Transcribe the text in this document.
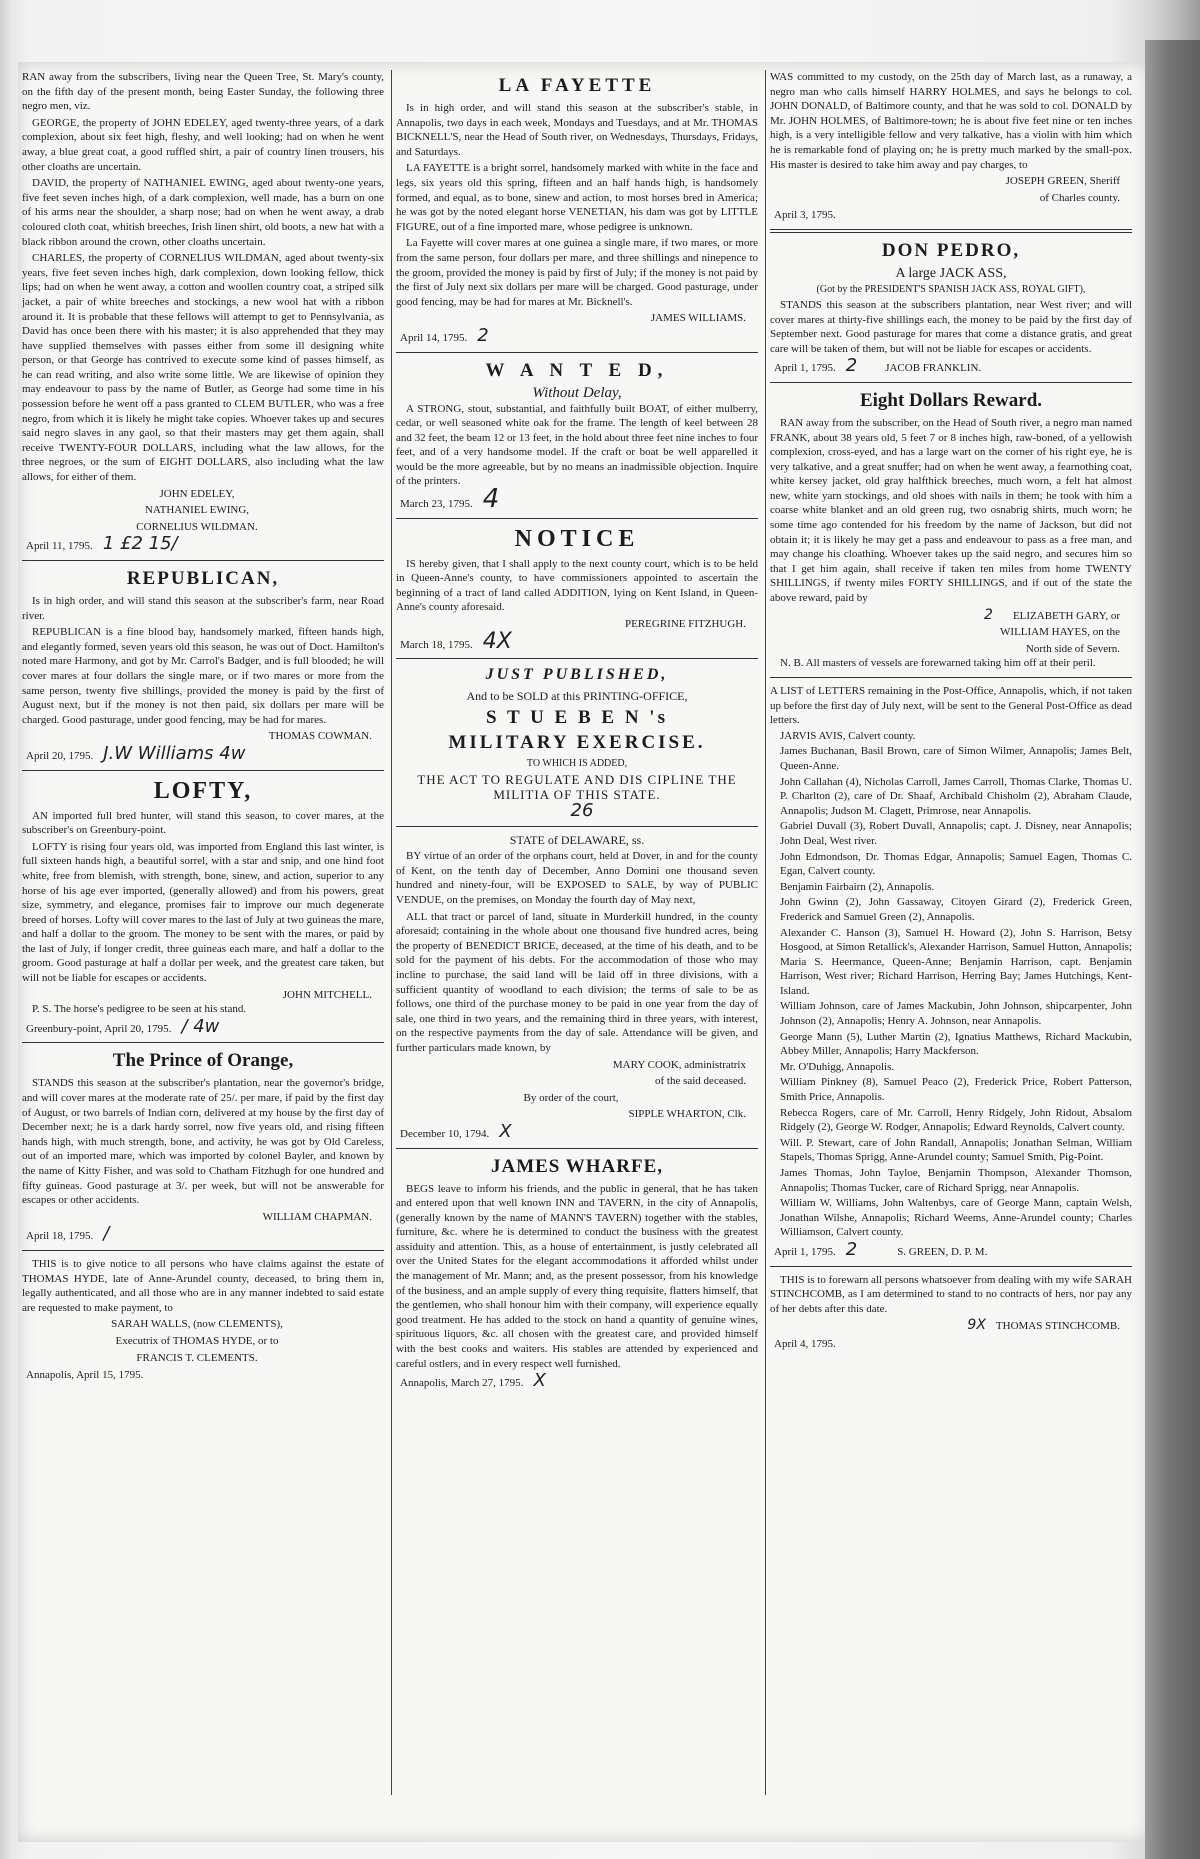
RAN away from the subscribers, living near the Queen Tree, St. Mary's county, on the fifth day of the present month, being Easter Sunday, the following three negro men, viz.

GEORGE, the property of JOHN EDELEY, aged twenty-three years, of a dark complexion, about six feet high, fleshy, and well looking; had on when he went away, a blue great coat, a good ruffled shirt, a pair of country linen trousers, his other cloaths are uncertain.

DAVID, the property of NATHANIEL EWING, aged about twenty-one years, five feet seven inches high, of a dark complexion, well made, has a burn on one of his arms near the shoulder, a sharp nose; had on when he went away, a drab coloured cloth coat, whitish breeches, Irish linen shirt, old boots, a new hat with a black ribbon around the crown, other cloaths uncertain.

CHARLES, the property of CORNELIUS WILDMAN, aged about twenty-six years, five feet seven inches high, dark complexion, down looking fellow, thick lips; had on when he went away, a cotton and woollen country coat, a striped silk jacket, a pair of white breeches and stockings, a new wool hat with a ribbon around it. It is probable that these fellows will attempt to get to Pennsylvania, as David has once been there with his master; it is also apprehended that they may have supplied themselves with passes either from some ill designing white person, or that George has contrived to execute some kind of passes himself, as he can read writing, and also write some little. We are likewise of opinion they may endeavour to pass by the name of Butler, as George had some time in his possession before he went off a pass granted to CLEM BUTLER, who was a free negro, from which it is likely he might take copies. Whoever takes up and secures said negro slaves in any gaol, so that their masters may get them again, shall receive TWENTY-FOUR DOLLARS, including what the law allows, for the three negroes, or the sum of EIGHT DOLLARS, also including what the law allows, for either of them.

JOHN EDELEY,
NATHANIEL EWING,
CORNELIUS WILDMAN.
April 11, 1795. 1 £2 15/
REPUBLICAN,

Is in high order, and will stand this season at the subscriber's farm, near Road river.

REPUBLICAN is a fine blood bay, handsomely marked, fifteen hands high, and elegantly formed, seven years old this season, he was out of Doct. Hamilton's noted mare Harmony, and got by Mr. Carrol's Badger, and is full blooded; he will cover mares at four dollars the single mare, or if two mares or more from the same person, twenty five shillings, provided the money is paid by the first of August next, but if the money is not then paid, six dollars per mare will be charged. Good pasturage, under good fencing, may be had for mares.

THOMAS COWMAN.
April 20, 1795. J.W Williams 4w
LOFTY,

AN imported full bred hunter, will stand this season, to cover mares, at the subscriber's on Greenbury-point.

LOFTY is rising four years old, was imported from England this last winter, is full sixteen hands high, a beautiful sorrel, with a star and snip, and one hind foot white, free from blemish, with strength, bone, sinew, and action, superior to any horse of his age ever imported, (generally allowed) and from his powers, great size, symmetry, and elegance, promises fair to improve our much degenerate breed of horses. Lofty will cover mares to the last of July at two guineas the mare, and half a dollar to the groom. The money to be sent with the mares, or paid by the last of July, if longer credit, three guineas each mare, and half a dollar to the groom. Good pasturage at half a dollar per week, and the greatest care taken, but will not be liable for escapes or accidents.

JOHN MITCHELL.

P. S. The horse's pedigree to be seen at his stand.

Greenbury-point, April 20, 1795. / 4w
The Prince of Orange,

STANDS this season at the subscriber's plantation, near the governor's bridge, and will cover mares at the moderate rate of 25/. per mare, if paid by the first day of August, or two barrels of Indian corn, delivered at my house by the first day of December next; he is a dark hardy sorrel, now five years old, and rising fifteen hands high, with much strength, bone, and activity, he was got by Old Careless, out of an imported mare, which was imported by colonel Bayler, and known by the name of Kitty Fisher, and was sold to Chatham Fitzhugh for one hundred and fifty guineas. Good pasturage at 3/. per week, but will not be answerable for escapes or other accidents.

WILLIAM CHAPMAN.
April 18, 1795. /

THIS is to give notice to all persons who have claims against the estate of THOMAS HYDE, late of Anne-Arundel county, deceased, to bring them in, legally authenticated, and all those who are in any manner indebted to said estate are requested to make payment, to

SARAH WALLS, (now CLEMENTS),
Executrix of THOMAS HYDE, or to
FRANCIS T. CLEMENTS.
Annapolis, April 15, 1795.
LA FAYETTE

Is in high order, and will stand this season at the subscriber's stable, in Annapolis, two days in each week, Mondays and Tuesdays, and at Mr. THOMAS BICKNELL'S, near the Head of South river, on Wednesdays, Thursdays, Fridays, and Saturdays.

LA FAYETTE is a bright sorrel, handsomely marked with white in the face and legs, six years old this spring, fifteen and an half hands high, is handsomely formed, and equal, as to bone, sinew and action, to most horses bred in America; he was got by the noted elegant horse VENETIAN, his dam was got by LITTLE FIGURE, out of a fine imported mare, whose pedigree is unknown.

La Fayette will cover mares at one guinea a single mare, if two mares, or more from the same person, four dollars per mare, and three shillings and ninepence to the groom, provided the money is paid by first of July; if the money is not paid by the first of July next six dollars per mare will be charged. Good pasturage, under good fencing, may be had for mares at Mr. Bicknell's.

JAMES WILLIAMS.
April 14, 1795. 2
W A N T E D,
Without Delay,

A STRONG, stout, substantial, and faithfully built BOAT, of either mulberry, cedar, or well seasoned white oak for the frame. The length of keel between 28 and 32 feet, the beam 12 or 13 feet, in the hold about three feet nine inches to four feet, and of a very handsome model. If the craft or boat be well apparelled it would be the more agreeable, but by no means an inadmissible objection. Inquire of the printers.

March 23, 1795. 4
NOTICE

IS hereby given, that I shall apply to the next county court, which is to be held in Queen-Anne's county, to have commissioners appointed to ascertain the beginning of a tract of land called ADDITION, lying on Kent Island, in Queen-Anne's county aforesaid.

PEREGRINE FITZHUGH.
March 18, 1795. 4X
JUST PUBLISHED,
And to be SOLD at this PRINTING-OFFICE,
S T U E B E N 's
MILITARY EXERCISE.
TO WHICH IS ADDED,
THE ACT TO REGULATE AND DIS CIPLINE THE MILITIA OF THIS STATE.
26
STATE of DELAWARE, ss.

BY virtue of an order of the orphans court, held at Dover, in and for the county of Kent, on the tenth day of December, Anno Domini one thousand seven hundred and ninety-four, will be EXPOSED to SALE, by way of PUBLIC VENDUE, on the premises, on Monday the fourth day of May next,

ALL that tract or parcel of land, situate in Murderkill hundred, in the county aforesaid; containing in the whole about one thousand five hundred acres, being the property of BENEDICT BRICE, deceased, at the time of his death, and to be sold for the payment of his debts. For the accommodation of those who may incline to purchase, the said land will be laid off in three divisions, with a sufficient quantity of woodland to each division; the terms of sale to be as follows, one third of the purchase money to be paid in one year from the day of sale, one third in two years, and the remaining third in three years, with interest, on the respective payments from the day of sale. Attendance will be given, and further particulars made known, by

MARY COOK, administratrix
of the said deceased.
By order of the court,
SIPPLE WHARTON, Clk.
December 10, 1794. X
JAMES WHARFE,

BEGS leave to inform his friends, and the public in general, that he has taken and entered upon that well known INN and TAVERN, in the city of Annapolis, (generally known by the name of MANN'S TAVERN) together with the stables, furniture, &c. where he is determined to conduct the business with the greatest assiduity and attention. This, as a house of entertainment, is justly celebrated all over the United States for the elegant accommodations it afforded whilst under the management of Mr. Mann; and, as the present possessor, from his knowledge of the business, and an ample supply of every thing requisite, flatters himself, that the gentlemen, who shall honour him with their company, will experience equally good treatment. He has added to the stock on hand a quantity of genuine wines, spirituous liquors, &c. all chosen with the greatest care, and provided himself with the best cooks and waiters. His stables are attended by experienced and careful ostlers, and in every respect well furnished.

Annapolis, March 27, 1795. X

WAS committed to my custody, on the 25th day of March last, as a runaway, a negro man who calls himself HARRY HOLMES, and says he belongs to col. JOHN DONALD, of Baltimore county, and that he was sold to col. DONALD by Mr. JOHN HOLMES, of Baltimore-town; he is about five feet nine or ten inches high, is a very intelligible fellow and very talkative, has a violin with him which he is remarkable fond of playing on; he is pretty much marked by the small-pox. His master is desired to take him away and pay charges, to

JOSEPH GREEN, Sheriff
of Charles county.
April 3, 1795.
DON PEDRO,
A large JACK ASS,
(Got by the PRESIDENT'S SPANISH JACK ASS, ROYAL GIFT),

STANDS this season at the subscribers plantation, near West river; and will cover mares at thirty-five shillings each, the money to be paid by the first day of September next. Good pasturage for mares that come a distance gratis, and great care will be taken of them, but will not be liable for escapes or accidents.

April 1, 1795. 2	JACOB FRANKLIN.
Eight Dollars Reward.

RAN away from the subscriber, on the Head of South river, a negro man named FRANK, about 38 years old, 5 feet 7 or 8 inches high, raw-boned, of a yellowish complexion, cross-eyed, and has a large wart on the corner of his right eye, he is very talkative, and a great snuffer; had on when he went away, a fearnothing coat, white kersey jacket, old gray halfthick breeches, much worn, a felt hat almost new, white yarn stockings, and old shoes with nails in them; he took with him a coarse white blanket and an old green rug, two osnabrig shirts, much worn; he some time ago contended for his freedom by the name of Jackson, but did not obtain it; it is likely he may get a pass and endeavour to pass as a free man, and may change his cloathing. Whoever takes up the said negro, and secures him so that I get him again, shall receive if taken ten miles from home TWENTY SHILLINGS, if twenty miles FORTY SHILLINGS, and if out of the state the above reward, paid by

2 ELIZABETH GARY, or
WILLIAM HAYES, on the
North side of Severn.

N. B. All masters of vessels are forewarned taking him off at their peril.

A LIST of LETTERS remaining in the Post-Office, Annapolis, which, if not taken up before the first day of July next, will be sent to the General Post-Office as dead letters.

JARVIS AVIS, Calvert county.

James Buchanan, Basil Brown, care of Simon Wilmer, Annapolis; James Belt, Queen-Anne.

John Callahan (4), Nicholas Carroll, James Carroll, Thomas Clarke, Thomas U. P. Charlton (2), care of Dr. Shaaf, Archibald Chisholm (2), Abraham Claude, Annapolis; Judson M. Clagett, Primrose, near Annapolis.

Gabriel Duvall (3), Robert Duvall, Annapolis; capt. J. Disney, near Annapolis; John Deal, West river.

John Edmondson, Dr. Thomas Edgar, Annapolis; Samuel Eagen, Thomas C. Egan, Calvert county.

Benjamin Fairbairn (2), Annapolis.

John Gwinn (2), John Gassaway, Citoyen Girard (2), Frederick Green, Frederick and Samuel Green (2), Annapolis.

Alexander C. Hanson (3), Samuel H. Howard (2), John S. Harrison, Betsy Hosgood, at Simon Retallick's, Alexander Harrison, Samuel Hutton, Annapolis; Maria S. Heermance, Queen-Anne; Benjamin Harrison, capt. Benjamin Harrison, West river; Richard Harrison, Herring Bay; James Hutchings, Kent-Island.

William Johnson, care of James Mackubin, John Johnson, shipcarpenter, John Johnson (2), Annapolis; Henry A. Johnson, near Annapolis.

George Mann (5), Luther Martin (2), Ignatius Matthews, Richard Mackubin, Abbey Miller, Annapolis; Harry Mackferson.

Mr. O'Duhigg, Annapolis.

William Pinkney (8), Samuel Peaco (2), Frederick Price, Robert Patterson, Smith Price, Annapolis.

Rebecca Rogers, care of Mr. Carroll, Henry Ridgely, John Ridout, Absalom Ridgely (2), George W. Rodger, Annapolis; Edward Reynolds, Calvert county.

Will. P. Stewart, care of John Randall, Annapolis; Jonathan Selman, William Stapels, Thomas Sprigg, Anne-Arundel county; Samuel Smith, Pig-Point.

James Thomas, John Tayloe, Benjamin Thompson, Alexander Thomson, Annapolis; Thomas Tucker, care of Richard Sprigg, near Annapolis.

William W. Williams, John Waltenbys, care of George Mann, captain Welsh, Jonathan Wilshe, Annapolis; Richard Weems, Anne-Arundel county; Charles Williamson, Calvert county.

April 1, 1795. 2	S. GREEN, D. P. M.

THIS is to forewarn all persons whatsoever from dealing with my wife SARAH STINCHCOMB, as I am determined to stand to no contracts of hers, nor pay any of her debts after this date.

9X THOMAS STINCHCOMB.
April 4, 1795.
